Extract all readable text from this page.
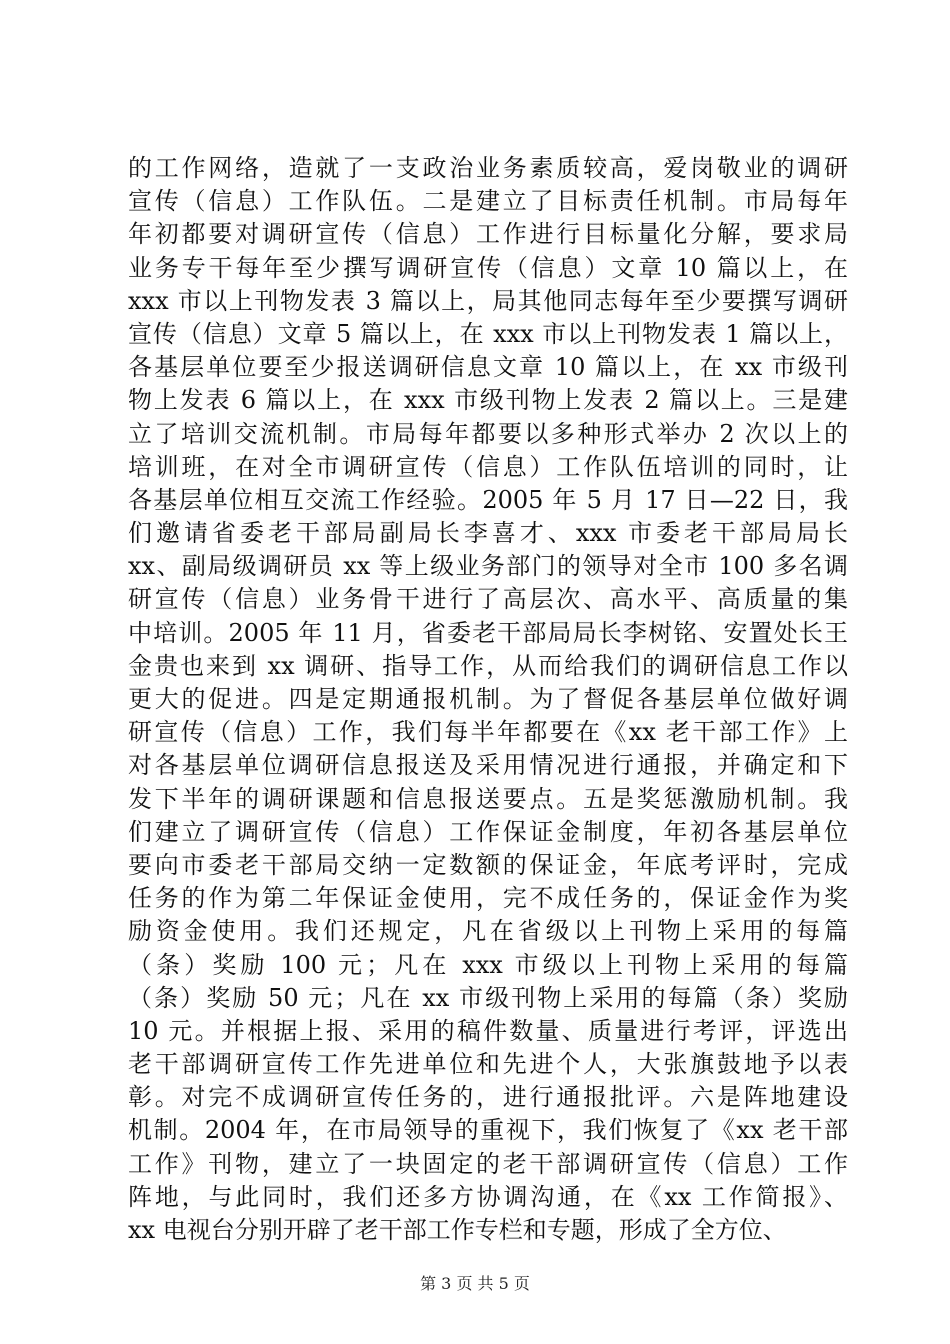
的工作网络，造就了一支政治业务素质较高，爱岗敬业的调研
宣传（信息）工作队伍。二是建立了目标责任机制。市局每年
年初都要对调研宣传（信息）工作进行目标量化分解，要求局
业务专干每年至少撰写调研宣传（信息）文章 10 篇以上，在
xxx 市以上刊物发表 3 篇以上，局其他同志每年至少要撰写调研
宣传（信息）文章 5 篇以上，在 xxx 市以上刊物发表 1 篇以上，
各基层单位要至少报送调研信息文章 10 篇以上，在 xx 市级刊
物上发表 6 篇以上，在 xxx 市级刊物上发表 2 篇以上。三是建
立了培训交流机制。市局每年都要以多种形式举办 2 次以上的
培训班，在对全市调研宣传（信息）工作队伍培训的同时，让
各基层单位相互交流工作经验。2005 年 5 月 17 日—22 日，我
们邀请省委老干部局副局长李喜才、xxx 市委老干部局局长
xx、副局级调研员 xx 等上级业务部门的领导对全市 100 多名调
研宣传（信息）业务骨干进行了高层次、高水平、高质量的集
中培训。2005 年 11 月，省委老干部局局长李树铭、安置处长王
金贵也来到 xx 调研、指导工作，从而给我们的调研信息工作以
更大的促进。四是定期通报机制。为了督促各基层单位做好调
研宣传（信息）工作，我们每半年都要在《xx 老干部工作》上
对各基层单位调研信息报送及采用情况进行通报，并确定和下
发下半年的调研课题和信息报送要点。五是奖惩激励机制。我
们建立了调研宣传（信息）工作保证金制度，年初各基层单位
要向市委老干部局交纳一定数额的保证金，年底考评时，完成
任务的作为第二年保证金使用，完不成任务的，保证金作为奖
励资金使用。我们还规定，凡在省级以上刊物上采用的每篇
（条）奖励 100 元；凡在 xxx 市级以上刊物上采用的每篇
（条）奖励 50 元；凡在 xx 市级刊物上采用的每篇（条）奖励
10 元。并根据上报、采用的稿件数量、质量进行考评，评选出
老干部调研宣传工作先进单位和先进个人，大张旗鼓地予以表
彰。对完不成调研宣传任务的，进行通报批评。六是阵地建设
机制。2004 年，在市局领导的重视下，我们恢复了《xx 老干部
工作》刊物，建立了一块固定的老干部调研宣传（信息）工作
阵地，与此同时，我们还多方协调沟通，在《xx 工作简报》、
xx 电视台分别开辟了老干部工作专栏和专题，形成了全方位、
第 3 页 共 5 页
